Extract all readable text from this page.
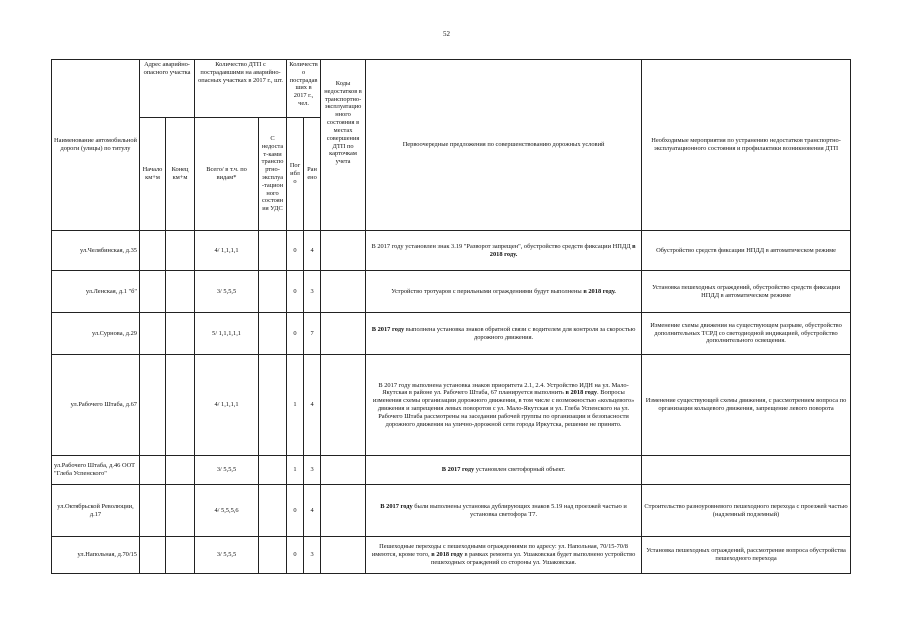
52
Наименование автомобильной дороги (улицы) по титулу	Адрес аварийно-опасного участка		Количество ДТП с пострадавшими на аварийно-опасных участках в 2017 г., шт.		Количество пострадавших в 2017 г., чел.		Коды недостатков в транспортно-эксплуатационного состояния в местах совершения ДТП по карточкам учета	Первоочередные предложения по совершенствованию дорожных условий	Необходимые мероприятия по устранению недостатков транспортно-эксплуатационного состояния и профилактики возникновения ДТП
	Начало км+м	Конец км+м	Всего/ в т.ч. по видам*	С недоста т-ками транспо ртно-эксплуа-тацион ного состоян ия УДС	Погибло	Ранено			
ул.Челябинская, д.35			4/ 1,1,1,1		0	4		В 2017 году установлен знак 3.19 "Разворот запрещен", обустройство средств фиксации НПДД в 2018 году.	Обустройство средств фиксации НПДД в автоматическом режиме
ул.Ленская, д.1 "б"			3/ 5,5,5		0	3		Устройство тротуаров с перильными ограждениями будут выполнены в 2018 году.	Установка пешеходных ограждений, обустройство средств фиксации НПДД в автоматическом режиме
ул.Сурнова, д.29			5/ 1,1,1,1,1		0	7		В 2017 году выполнена установка знаков обратной связи с водителем для контроля за скоростью дорожного движения.	Изменение схемы движения на существующем разрыве, обустройство дополнительных ТСРД со светодиодной индикацией, обустройство дополнительного освещения.
ул.Рабочего Штаба, д.67			4/ 1,1,1,1		1	4		В 2017 году выполнена установка знаков приоритета 2.1, 2.4. Устройство ИДН на ул. Мало-Якутская в районе ул. Рабочего Штаба, 67 планируется выполнить в 2018 году. Вопросы изменения схемы организации дорожного движения, в том числе с возможностью «кольцевого» движения и запрещения левых поворотов с ул. Мало-Якутская и ул. Глеба Успенского на ул. Рабочего Штаба рассмотрены на заседании рабочей группы по организации и безопасности дорожного движения на улично-дорожной сети города Иркутска, решение не принято.	Изменение существующей схемы движения, с рассмотрением вопроса по организации кольцевого движения, запрещение левого поворота
ул.Рабочего Штаба, д.46 ООТ "Глеба Успенского"			3/ 5,5,5		1	3		В 2017 году установлен светофорный объект.	
ул.Октябрьской Революции, д.17			4/ 5,5,5,6		0	4		В 2017 году были выполнены установка дублирующих знаков 5.19 над проезжей частью и установка светофора Т7.	Строительство разноуровневого пешеходного перехода с проезжей частью (надземный подземный)
ул.Напольная, д.70/15			3/ 5,5,5		0	3		Пешеходные переходы с пешеходными ограждениями по адресу: ул. Напольная, 70/15-70/8 имеются, кроме того, в 2018 году в рамках ремонта ул. Ушаковская будет выполнено устройство пешеходных ограждений со стороны ул. Ушаковская.	Установка пешеходных ограждений, рассмотрение вопроса обустройства пешеходного перехода
